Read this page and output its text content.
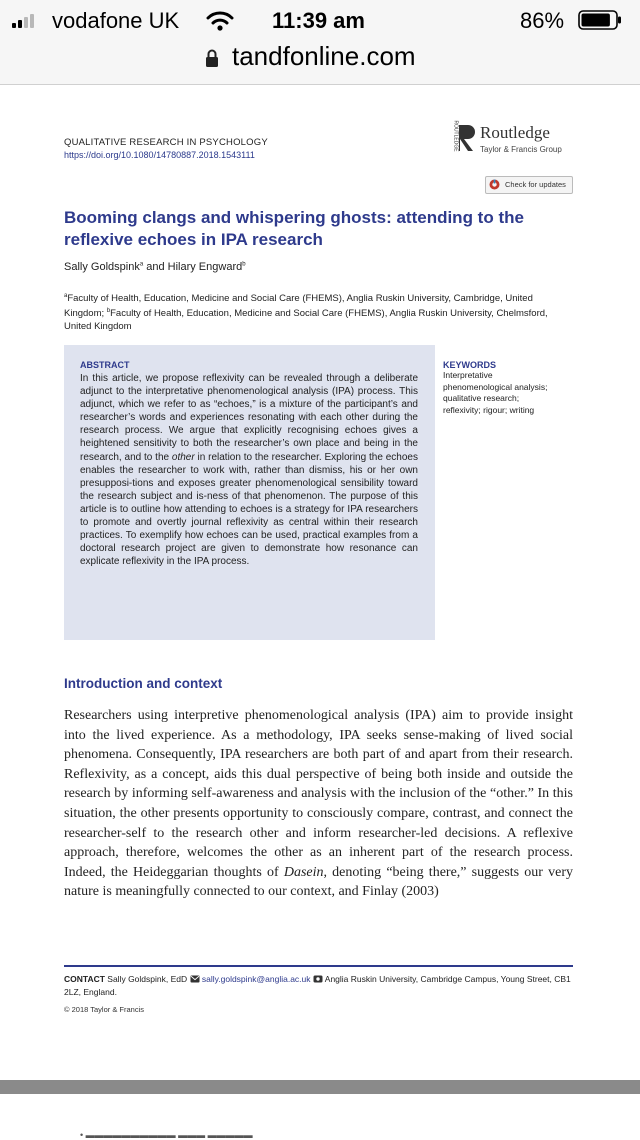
vodafone UK	11:39 am	86%
tandfonline.com
QUALITATIVE RESEARCH IN PSYCHOLOGY
https://doi.org/10.1080/14780887.2018.1543111
ROUTLEDGE Routledge
Taylor & Francis Group
Check for updates
Booming clangs and whispering ghosts: attending to the
reflexive echoes in IPA research
Sally Goldspink$^a$ and Hilary Engward$^b$
$^a$Faculty of Health, Education, Medicine and Social Care (FHEMS), Anglia Ruskin University, Cambridge, United Kingdom; $^b$Faculty of Health, Education, Medicine and Social Care (FHEMS), Anglia Ruskin University, Chelmsford, United Kingdom
ABSTRACT
In this article, we propose reflexivity can be revealed through a deliberate adjunct to the interpretative phenomenological analysis (IPA) process. This adjunct, which we refer to as “echoes,” is a mixture of the participant’s and researcher’s words and experiences resonating with each other during the research process. We argue that explicitly recognising echoes gives a heightened sensitivity to both the researcher’s own place and being in the research, and to the other in relation to the researcher. Exploring the echoes enables the researcher to work with, rather than dismiss, his or her own presupposi-tions and exposes greater phenomenological sensibility toward the research subject and is-ness of that phenomenon. The purpose of this article is to outline how attending to echoes is a strategy for IPA researchers to promote and overtly journal reflexivity as central within their research practices. To exemplify how echoes can be used, practical examples from a doctoral research project are given to demonstrate how resonance can explicate reflexivity in the IPA process.
KEYWORDS
Interpretative
phenomenological analysis;
qualitative research;
reflexivity; rigour; writing
Introduction and context
Researchers using interpretive phenomenological analysis (IPA) aim to provide insight into the lived experience. As a methodology, IPA seeks sense-making of lived social phenomena. Consequently, IPA researchers are both part of and apart from their research. Reflexivity, as a concept, aids this dual perspective of being both inside and outside the research by informing self-awareness and analysis with the inclusion of the “other.” In this situation, the other presents opportunity to consciously compare, contrast, and connect the researcher-self to the research other and inform researcher-led decisions. A reflexive approach, therefore, welcomes the other as an inherent part of the research process. Indeed, the Heideggarian thoughts of Dasein, denoting “being there,” suggests our very nature is meaningfully connected to our context, and Finlay (2003)
CONTACT Sally Goldspink, EdD  sally.goldspink@anglia.ac.uk  Anglia Ruskin University, Cambridge Campus, Young Street, CB1 2LZ, England.
© 2018 Taylor & Francis
• ▬▬▬▬▬▬▬▬▬▬ ▬▬▬ ▬▬▬▬▬
